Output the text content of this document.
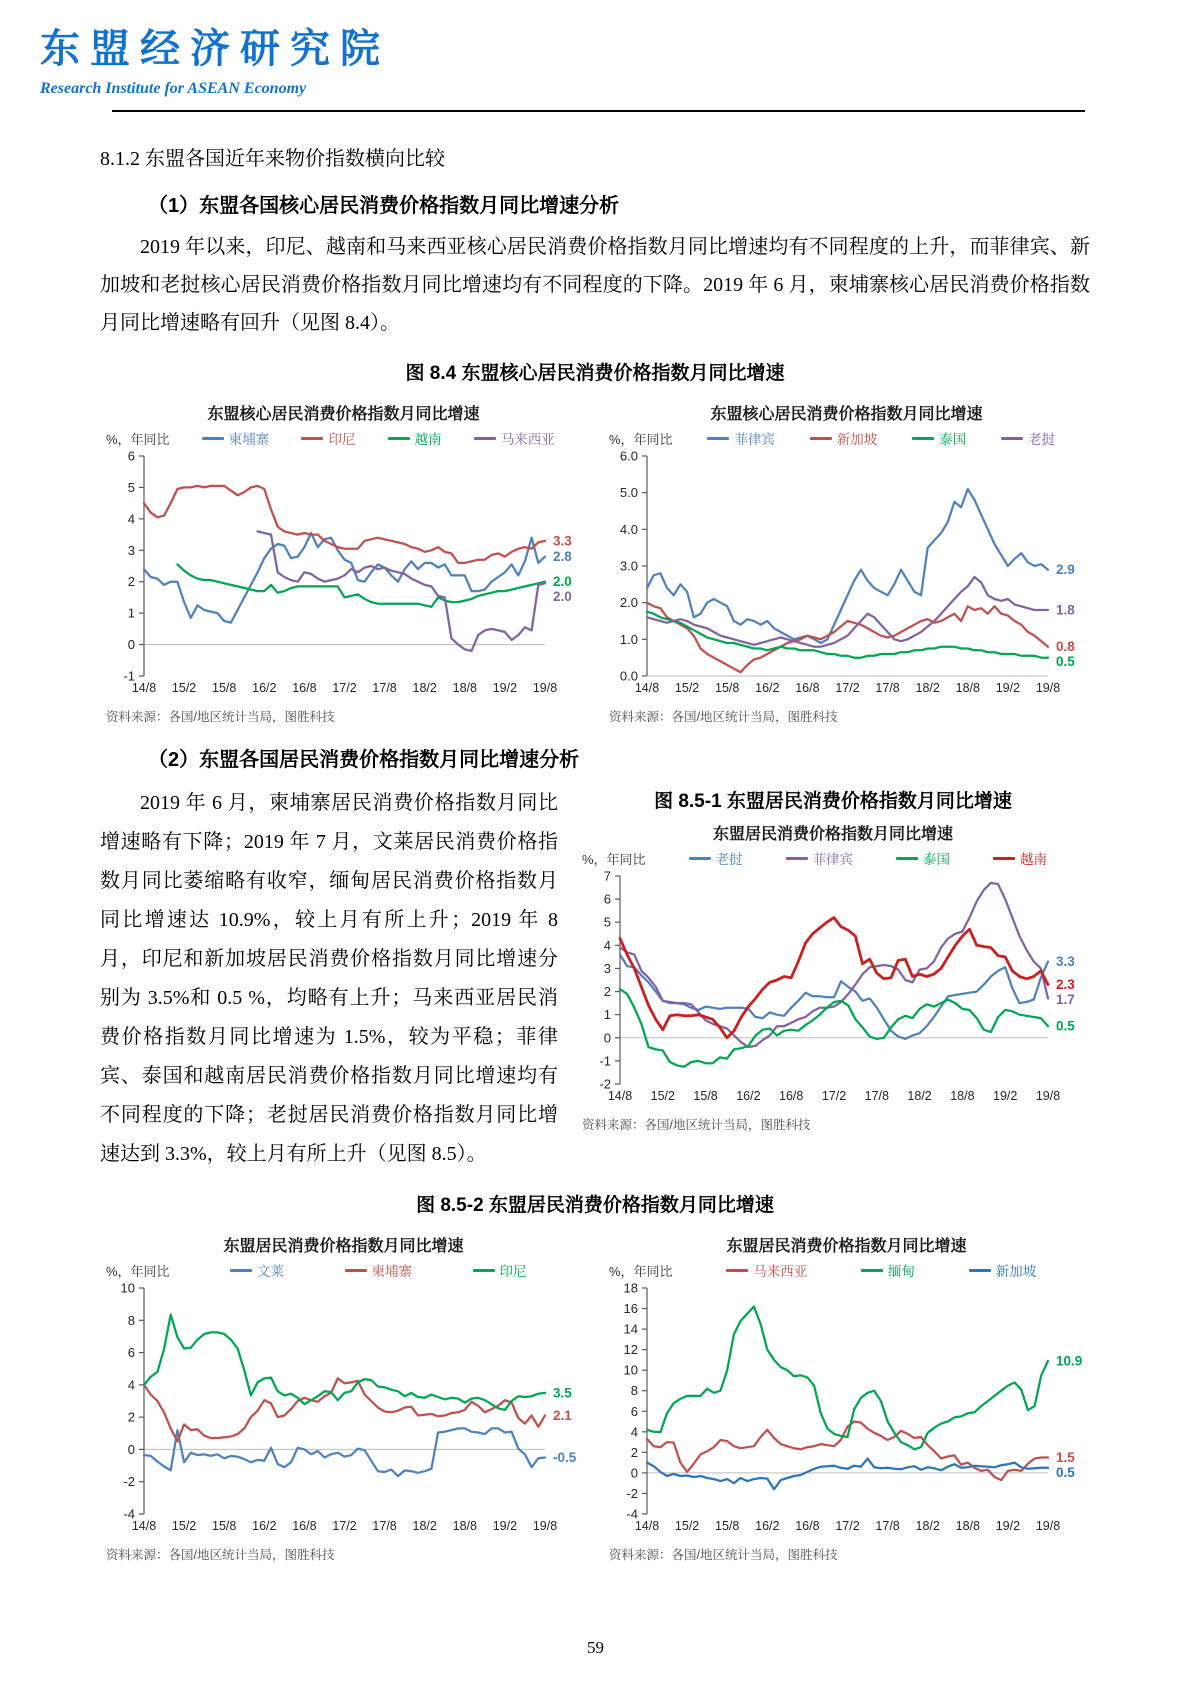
东盟经济研究院
Research Institute for ASEAN Economy
8.1.2 东盟各国近年来物价指数横向比较
（1）东盟各国核心居民消费价格指数月同比增速分析

2019 年以来，印尼、越南和马来西亚核心居民消费价格指数月同比增速均有不同程度的上升，而菲律宾、新加坡和老挝核心居民消费价格指数月同比增速均有不同程度的下降。2019 年 6 月，柬埔寨核心居民消费价格指数月同比增速略有回升（见图 8.4）。

图 8.4 东盟核心居民消费价格指数月同比增速
东盟核心居民消费价格指数月同比增速
%，年同比	柬埔寨	印尼	越南	马来西亚
-1
0
1
2
3
4
5
6
14/8 15/2 15/8 16/2 16/8 17/2 17/8 18/2 18/8 19/2 19/8
3.3
2.8
2.0
2.0
资料来源：各国/地区统计当局，图胜科技
东盟核心居民消费价格指数月同比增速
%，年同比	菲律宾	新加坡	泰国	老挝
0.0
1.0
2.0
3.0
4.0
5.0
6.0
14/8 15/2 15/8 16/2 16/8 17/2 17/8 18/2 18/8 19/2 19/8
2.9
1.8
0.8
0.5
资料来源：各国/地区统计当局，图胜科技
（2）东盟各国居民消费价格指数月同比增速分析

2019 年 6 月，柬埔寨居民消费价格指数月同比增速略有下降；2019 年 7 月，文莱居民消费价格指数月同比萎缩略有收窄，缅甸居民消费价格指数月同比增速达 10.9%，较上月有所上升；2019 年 8 月，印尼和新加坡居民消费价格指数月同比增速分别为 3.5%和 0.5 %，均略有上升；马来西亚居民消费价格指数月同比增速为 1.5%，较为平稳；菲律宾、泰国和越南居民消费价格指数月同比增速均有不同程度的下降；老挝居民消费价格指数月同比增速达到 3.3%，较上月有所上升（见图 8.5）。

图 8.5-1 东盟居民消费价格指数月同比增速
东盟居民消费价格指数月同比增速
%，年同比	老挝	菲律宾	泰国	越南
-2
-1
0
1
2
3
4
5
6
7
14/8 15/2 15/8 16/2 16/8 17/2 17/8 18/2 18/8 19/2 19/8
3.3
2.3
1.7
0.5
资料来源：各国/地区统计当局，图胜科技
图 8.5-2 东盟居民消费价格指数月同比增速
东盟居民消费价格指数月同比增速
%，年同比	文莱	柬埔寨	印尼
-4
-2
0
2
4
6
8
10
14/8 15/2 15/8 16/2 16/8 17/2 17/8 18/2 18/8 19/2 19/8
3.5
2.1
-0.5
资料来源：各国/地区统计当局，图胜科技
东盟居民消费价格指数月同比增速
%，年同比	马来西亚	缅甸	新加坡
-4
-2
0
2
4
6
8
10
12
14
16
18
14/8 15/2 15/8 16/2 16/8 17/2 17/8 18/2 18/8 19/2 19/8
10.9
1.5
0.5
资料来源：各国/地区统计当局，图胜科技
59
